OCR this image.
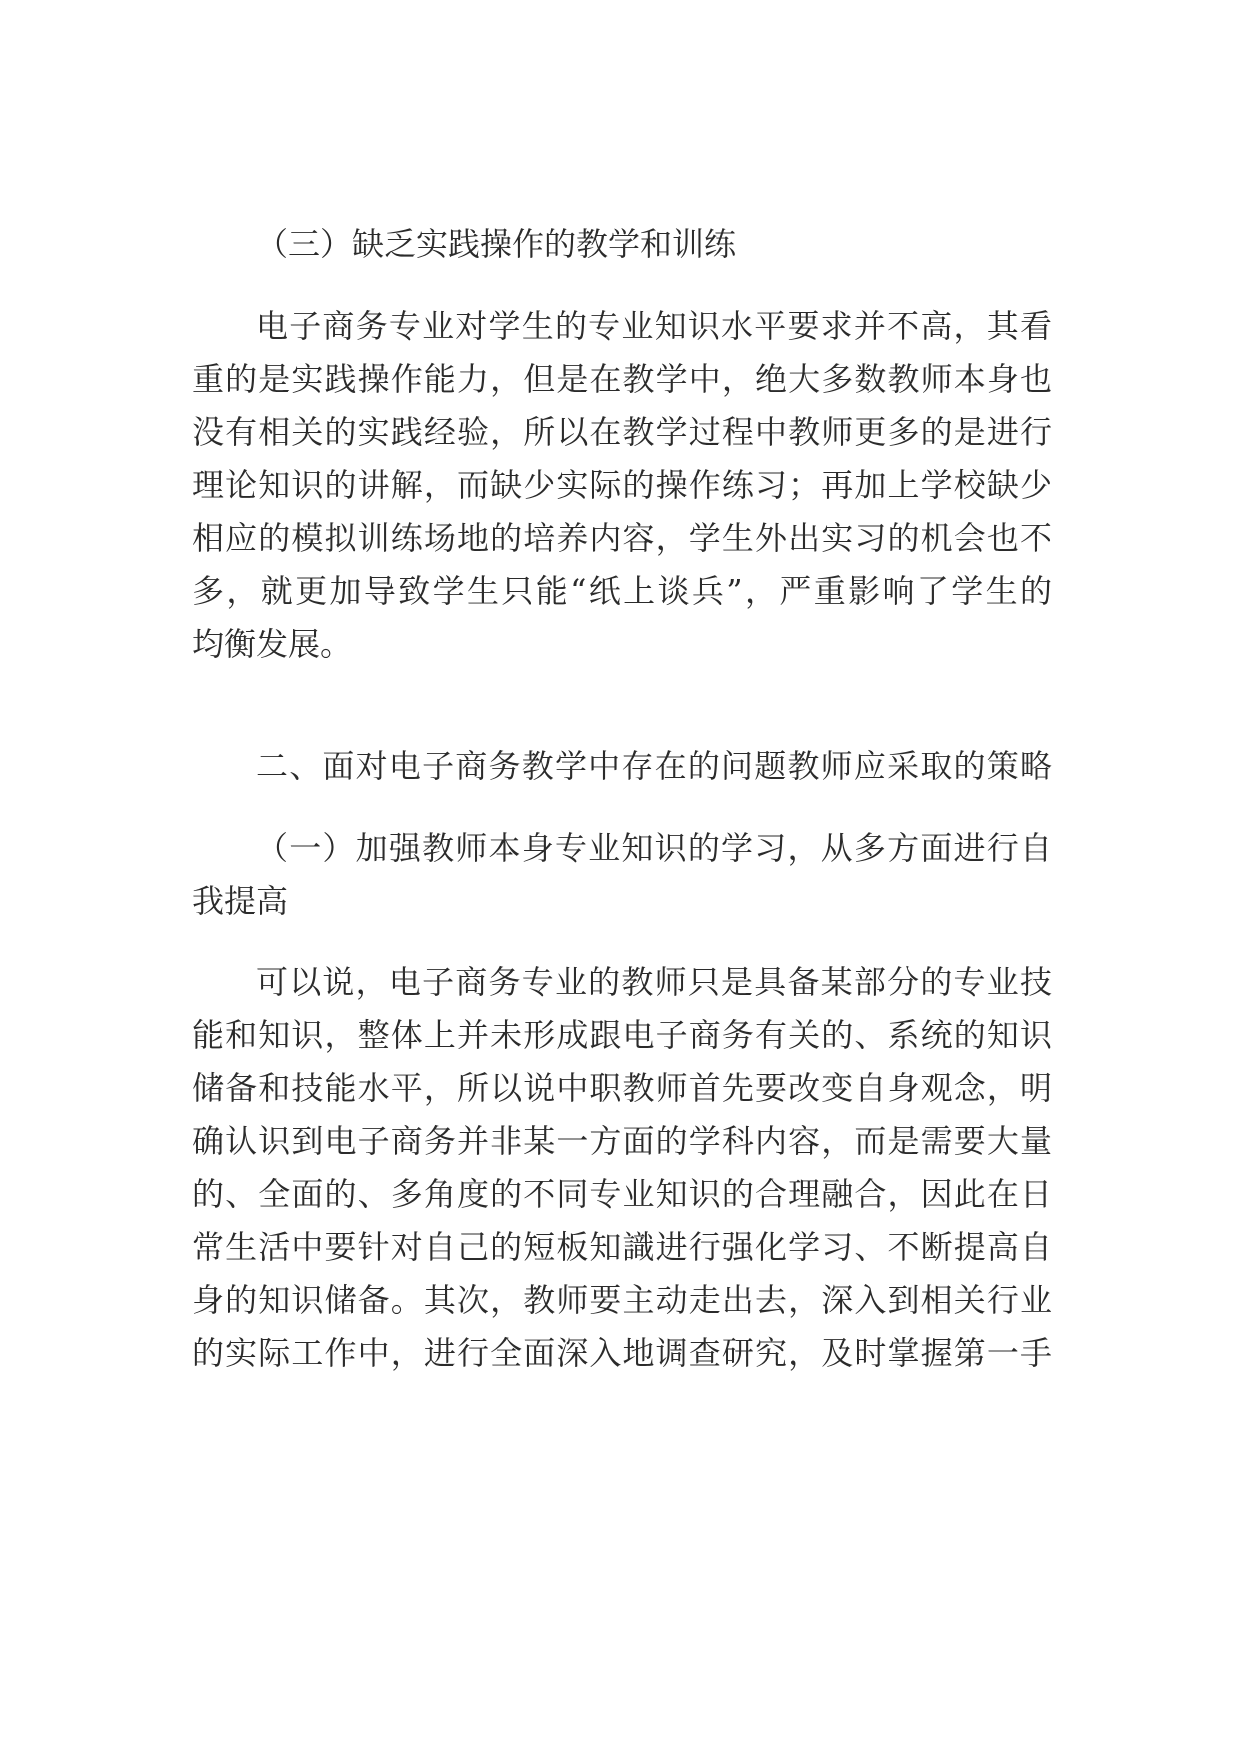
（三）缺乏实践操作的教学和训练
电子商务专业对学生的专业知识水平要求并不高，其看
重的是实践操作能力，但是在教学中，绝大多数教师本身也
没有相关的实践经验，所以在教学过程中教师更多的是进行
理论知识的讲解，而缺少实际的操作练习；再加上学校缺少
相应的模拟训练场地的培养内容，学生外出实习的机会也不
多，就更加导致学生只能“纸上谈兵”，严重影响了学生的
均衡发展。
二、面对电子商务教学中存在的问题教师应采取的策略
（一）加强教师本身专业知识的学习，从多方面进行自
我提高
可以说，电子商务专业的教师只是具备某部分的专业技
能和知识，整体上并未形成跟电子商务有关的、系统的知识
储备和技能水平，所以说中职教师首先要改变自身观念，明
确认识到电子商务并非某一方面的学科内容，而是需要大量
的、全面的、多角度的不同专业知识的合理融合，因此在日
常生活中要针对自己的短板知識进行强化学习、不断提高自
身的知识储备。其次，教师要主动走出去，深入到相关行业
的实际工作中，进行全面深入地调查研究，及时掌握第一手
